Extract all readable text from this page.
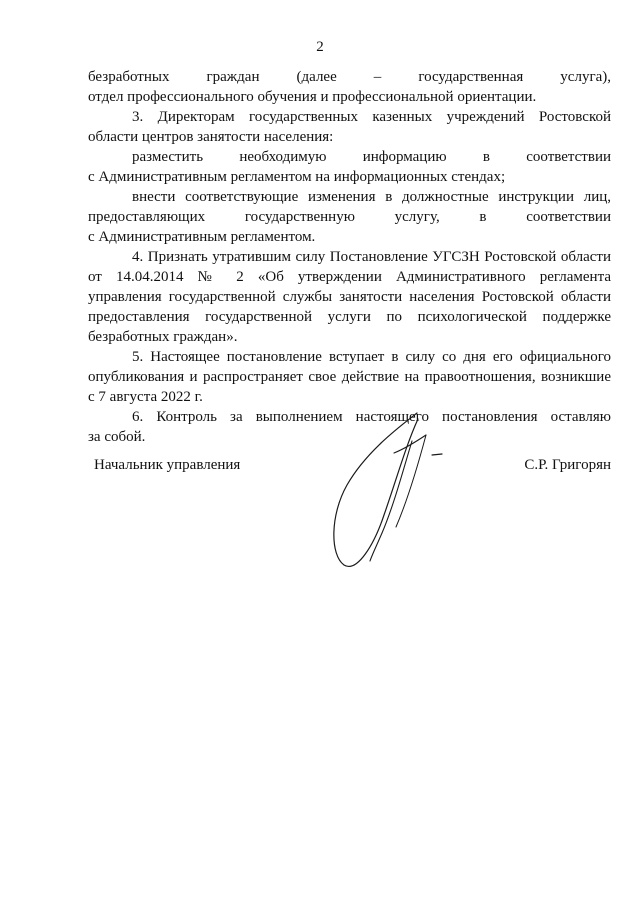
2
безработных граждан (далее – государственная услуга),
отдел профессионального обучения и профессиональной ориентации.
3. Директорам государственных казенных учреждений Ростовской
области центров занятости населения:
разместить необходимую информацию в соответствии
с Административным регламентом на информационных стендах;
внести соответствующие изменения в должностные инструкции лиц,
предоставляющих государственную услугу, в соответствии
с Административным регламентом.
4. Признать утратившим силу Постановление УГСЗН Ростовской области
от 14.04.2014 № 2 «Об утверждении Административного регламента
управления государственной службы занятости населения Ростовской области
предоставления государственной услуги по психологической поддержке
безработных граждан».
5. Настоящее постановление вступает в силу со дня его официального
опубликования и распространяет свое действие на правоотношения, возникшие
с 7 августа 2022 г.
6. Контроль за выполнением настоящего постановления оставляю
за собой.
Начальник управления	С.Р. Григорян
